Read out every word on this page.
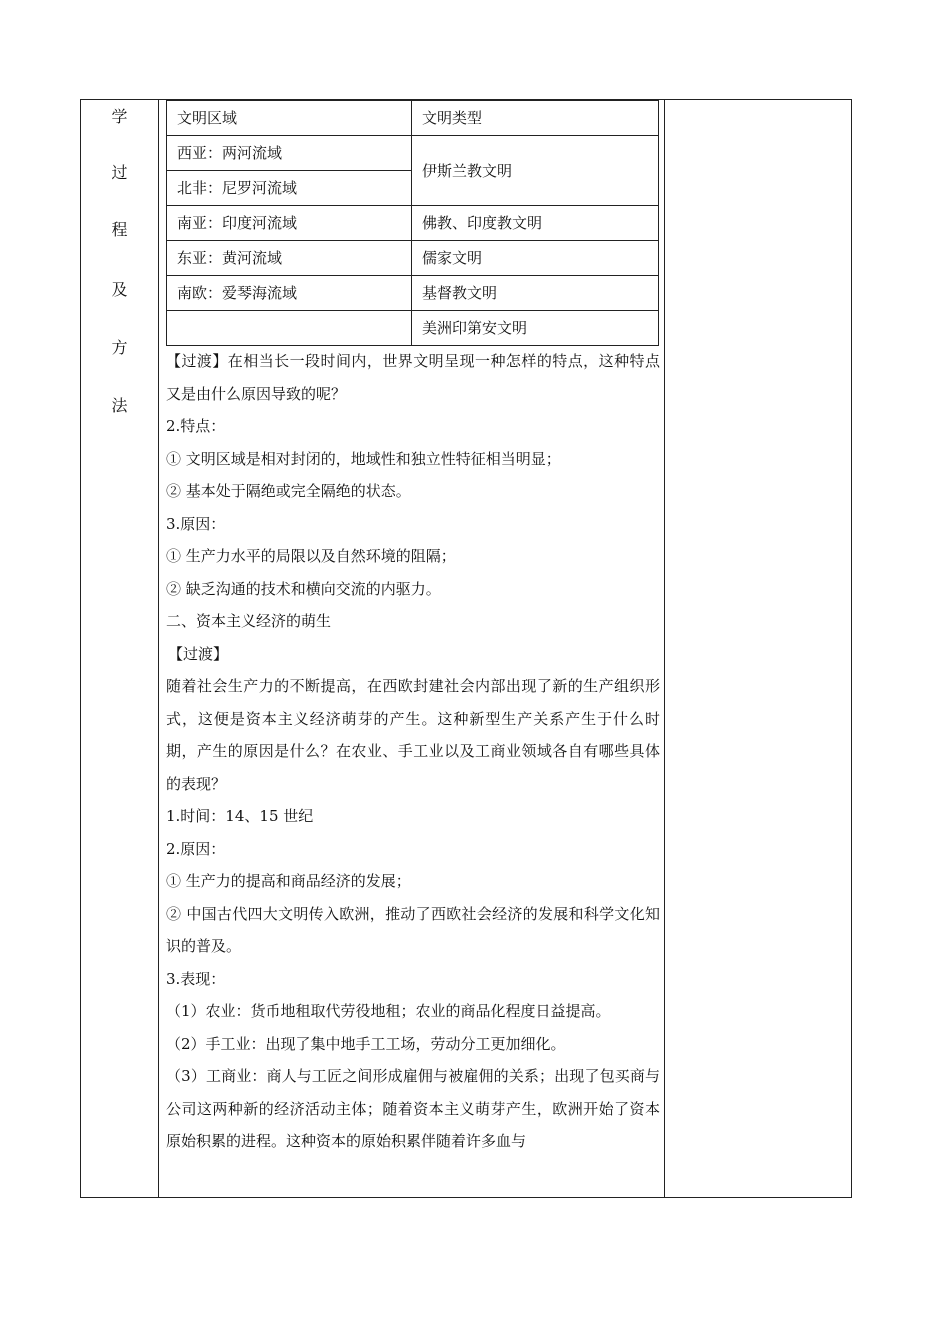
学
过
程
及
方
法
文明区域	文明类型
西亚：两河流域	伊斯兰教文明
北非：尼罗河流域	
南亚：印度河流域	佛教、印度教文明
东亚：黄河流域	儒家文明
南欧：爱琴海流域	基督教文明
	美洲印第安文明

【过渡】在相当长一段时间内，世界文明呈现一种怎样的特点，这种特点又是由什么原因导致的呢？

2.特点：

① 文明区域是相对封闭的，地域性和独立性特征相当明显；

② 基本处于隔绝或完全隔绝的状态。

3.原因：

① 生产力水平的局限以及自然环境的阻隔；

② 缺乏沟通的技术和横向交流的内驱力。

二、资本主义经济的萌生

【过渡】

随着社会生产力的不断提高，在西欧封建社会内部出现了新的生产组织形式，这便是资本主义经济萌芽的产生。这种新型生产关系产生于什么时期，产生的原因是什么？在农业、手工业以及工商业领域各自有哪些具体的表现？

1.时间：14、15 世纪

2.原因：

① 生产力的提高和商品经济的发展；

② 中国古代四大文明传入欧洲，推动了西欧社会经济的发展和科学文化知识的普及。

3.表现：

（1）农业：货币地租取代劳役地租；农业的商品化程度日益提高。

（2）手工业：出现了集中地手工工场，劳动分工更加细化。

（3）工商业：商人与工匠之间形成雇佣与被雇佣的关系；出现了包买商与公司这两种新的经济活动主体；随着资本主义萌芽产生，欧洲开始了资本原始积累的进程。这种资本的原始积累伴随着许多血与
